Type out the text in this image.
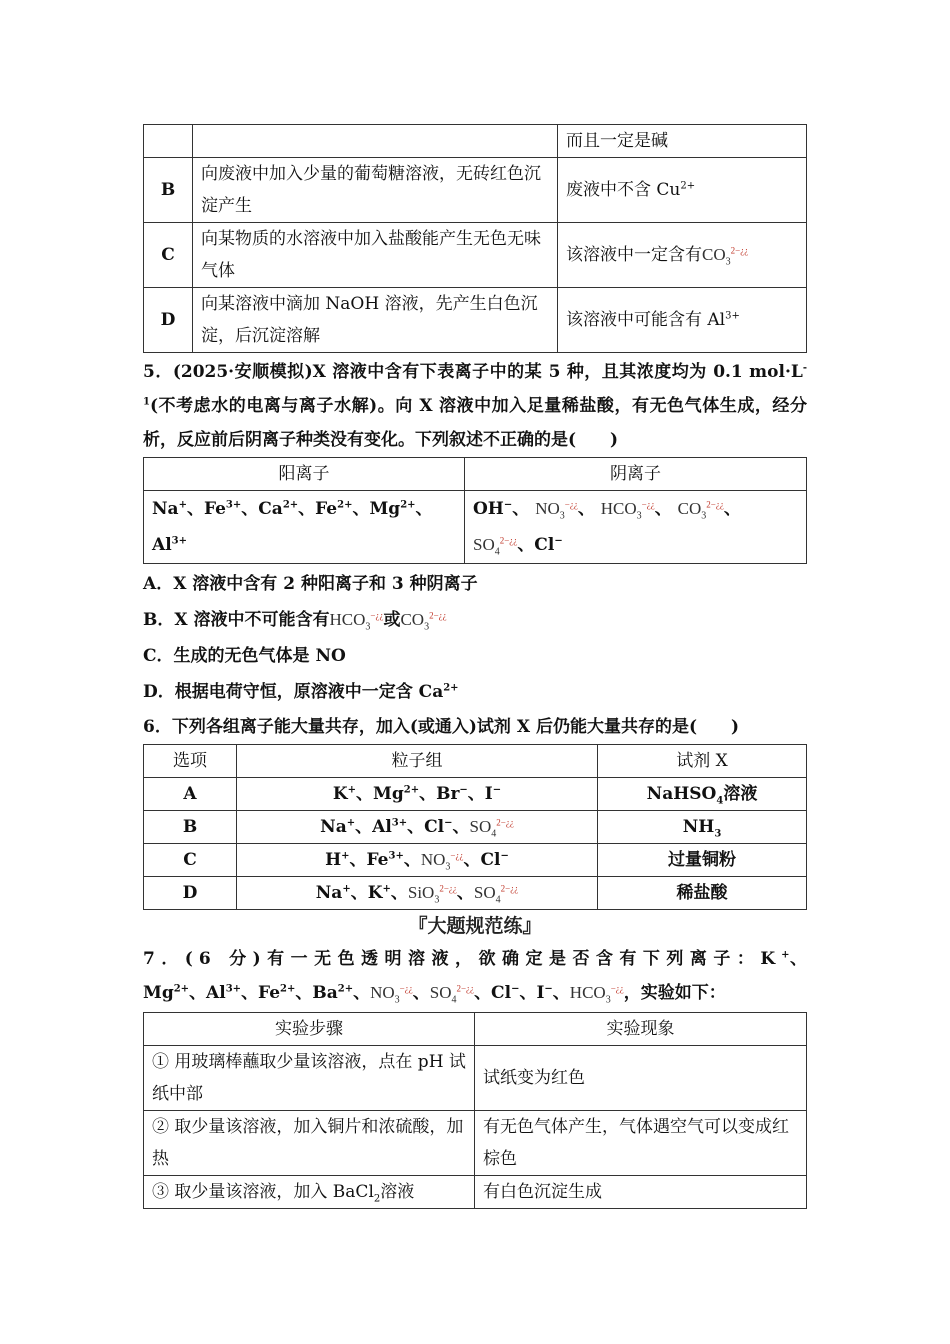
		而且一定是碱
B	向废液中加入少量的葡萄糖溶液，无砖红色沉淀产生	废液中不含 $Cu^{2+}$
C	向某物质的水溶液中加入盐酸能产生无色无味气体	该溶液中一定含有$CO_3^{2-¿¿}$
D	向某溶液中滴加 NaOH 溶液，先产生白色沉淀，后沉淀溶解	该溶液中可能含有 $Al^{3+}$

5．(2025·安顺模拟)X 溶液中含有下表离子中的某 5 种，且其浓度均为 0.1 $mol\cdot L^{-1}$(不考虑水的电离与离子水解)。向 X 溶液中加入足量稀盐酸，有无色气体生成，经分析，反应前后阴离子种类没有变化。下列叙述不正确的是(　　)

阳离子	阴离子
Na+、$Fe^{3+}$、$Ca^{2+}$、$Fe^{2+}$、$Mg^{2+}$、$Al^{3+}$	OH−、 $NO_3^{-¿¿}$、 $HCO_3^{-¿¿}$、 $CO_3^{2-¿¿}$、
$SO_4^{2-¿¿}$、Cl−

A．X 溶液中含有 2 种阳离子和 3 种阴离子

B．X 溶液中不可能含有$HCO_3^{-¿¿}$或$CO_3^{2-¿¿}$

C．生成的无色气体是 NO

D．根据电荷守恒，原溶液中一定含 $Ca^{2+}$

6．下列各组离子能大量共存，加入(或通入)试剂 X 后仍能大量共存的是(　　)

选项	粒子组	试剂 X
A	K+、$Mg^{2+}$、Br−、I−	NaHSO$_4$溶液
B	Na+、$Al^{3+}$、Cl−、$SO_4^{2-¿¿}$	$NH_3$
C	H+、$Fe^{3+}$、$NO_3^{-¿¿}$、Cl−	过量铜粉
D	Na+、K+、SiO$_3^{2-¿¿}$、$SO_4^{2-¿¿}$	稀盐酸
『大题规范练』

7．(6 分)有一无色透明溶液，欲确定是否含有下列离子：K+、$Mg^{2+}$、$Al^{3+}$、$Fe^{2+}$、$Ba^{2+}$、$NO_3^{-¿¿}$、$SO_4^{2-¿¿}$、Cl−、I−、$HCO_3^{-¿¿}$，实验如下：

实验步骤	实验现象
① 用玻璃棒蘸取少量该溶液，点在 pH 试纸中部	试纸变为红色
② 取少量该溶液，加入铜片和浓硫酸，加热	有无色气体产生，气体遇空气可以变成红棕色
③ 取少量该溶液，加入 BaCl$_2$溶液	有白色沉淀生成
